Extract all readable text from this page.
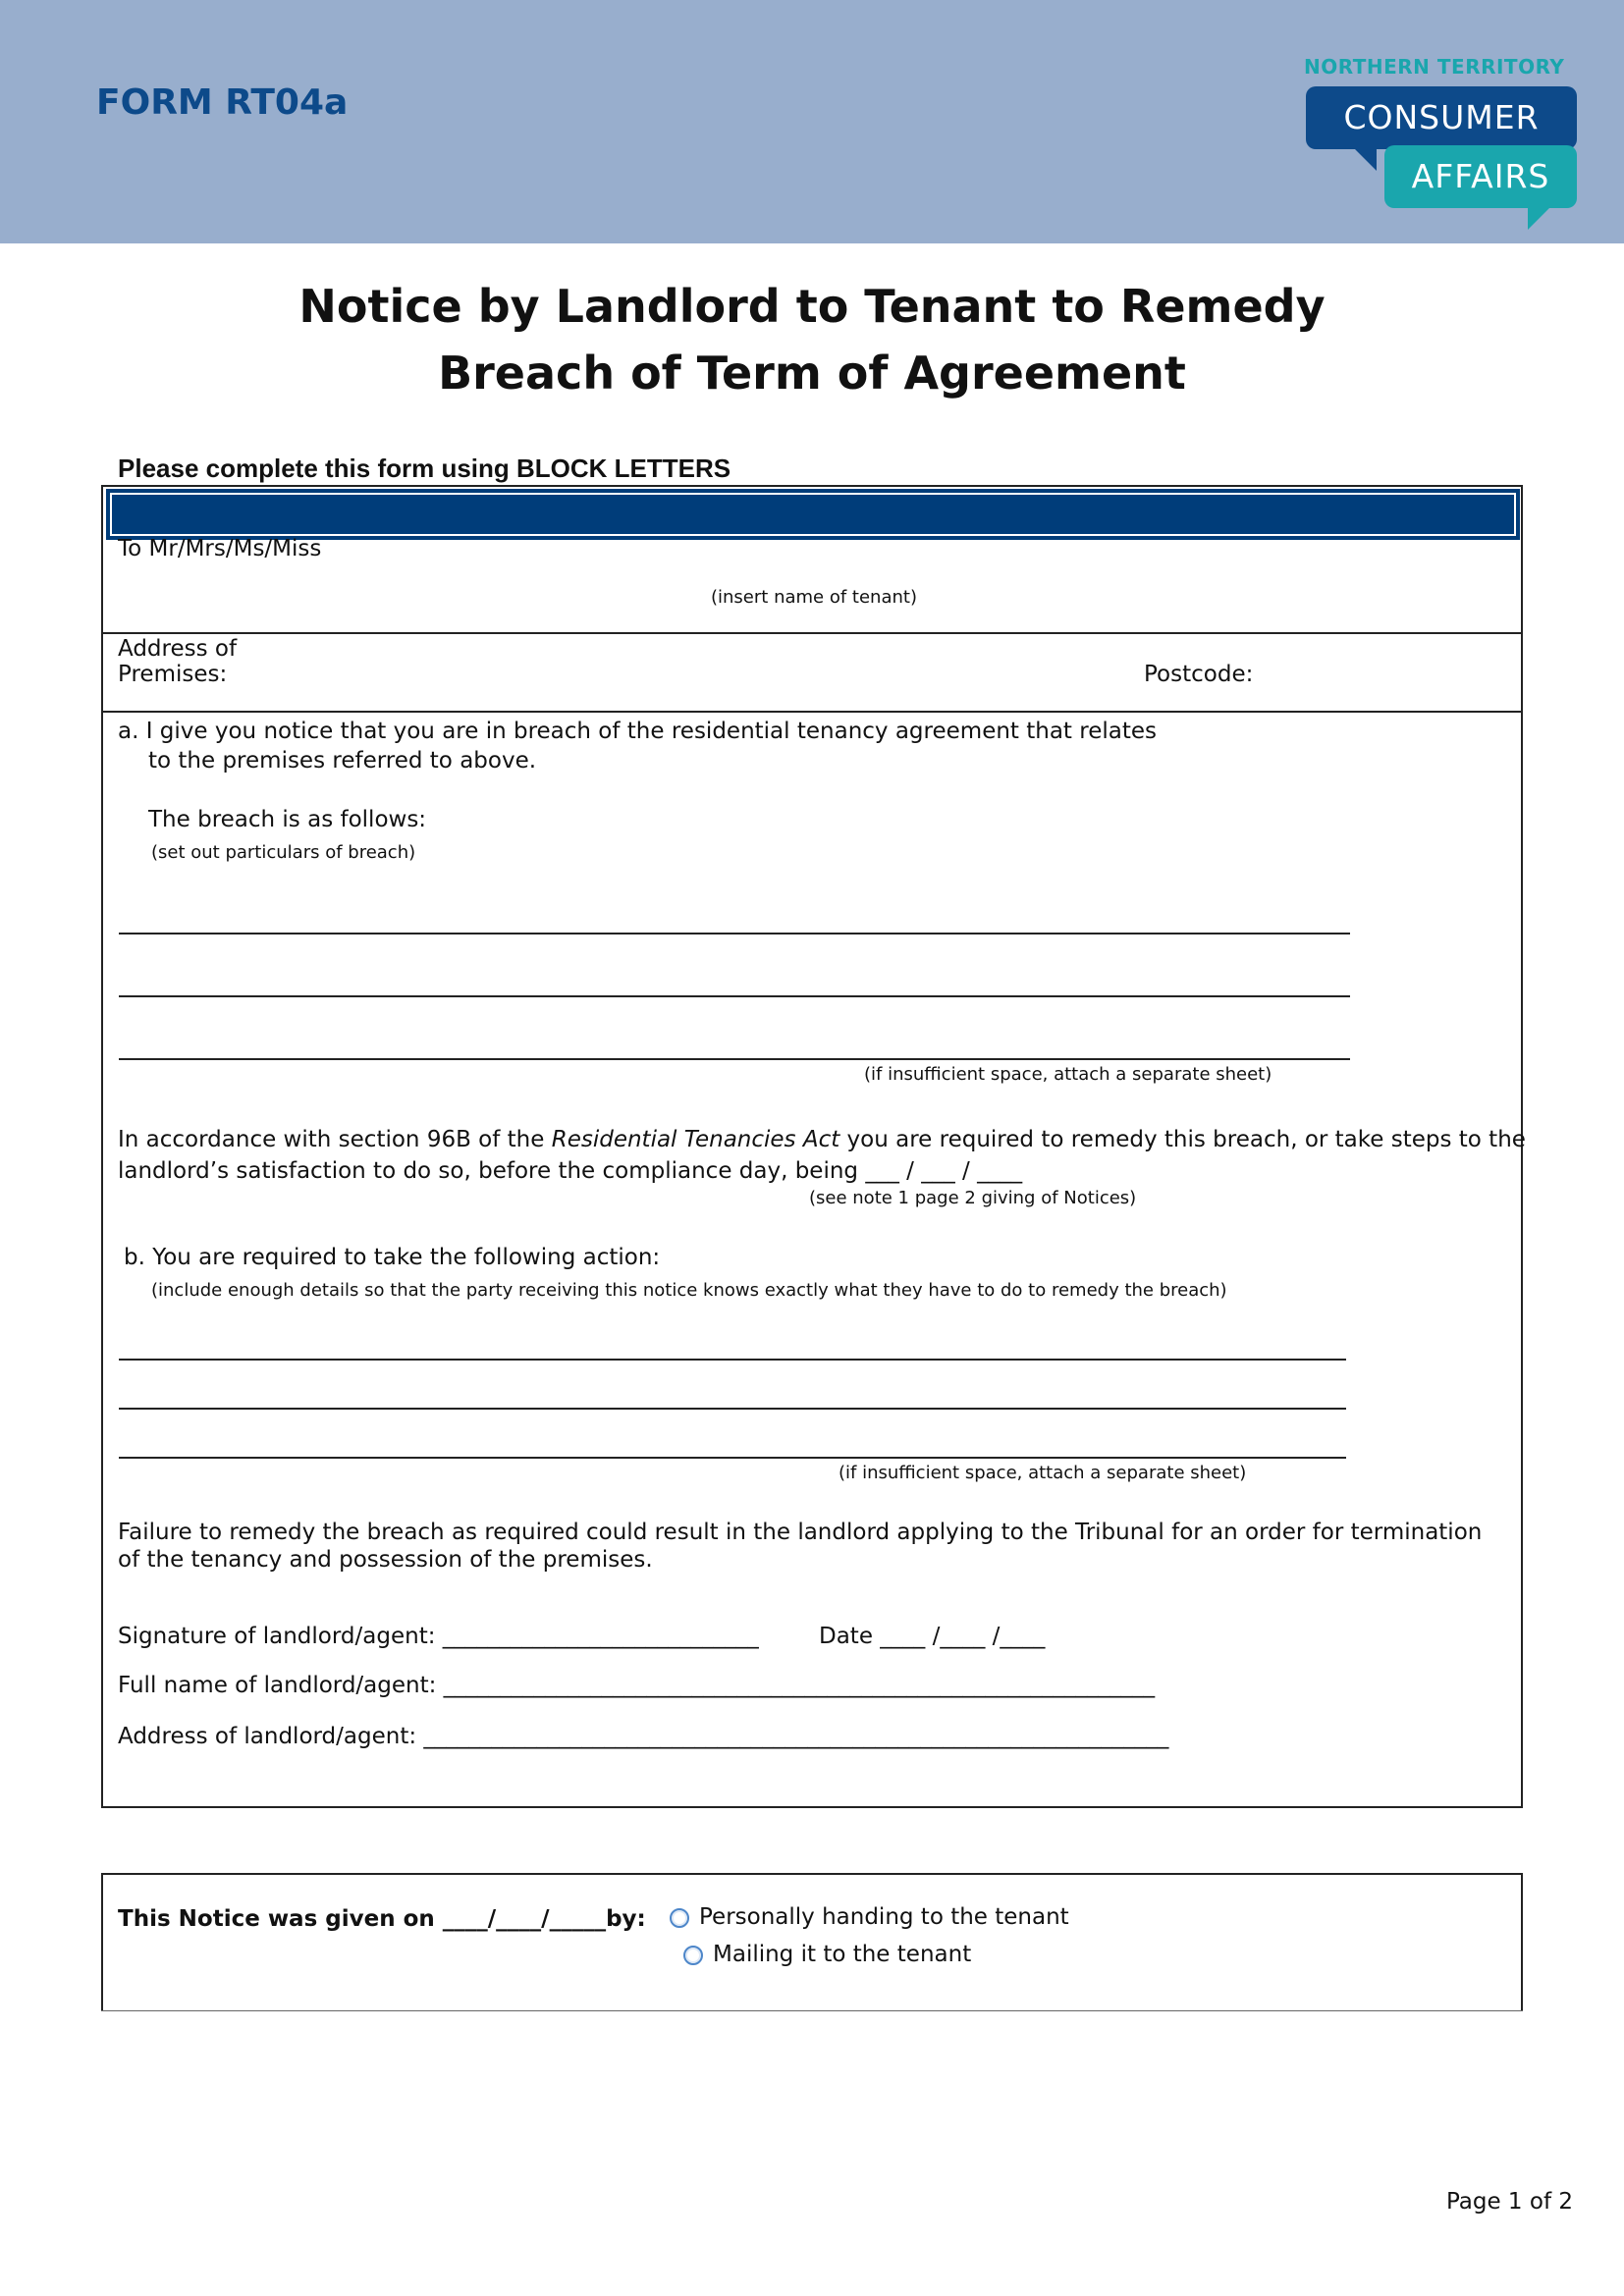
FORM RT04a
NORTHERN TERRITORY
CONSUMER
AFFAIRS
Notice by Landlord to Tenant to Remedy
Breach of Term of Agreement
Please complete this form using BLOCK LETTERS
To Mr/Mrs/Ms/Miss
(insert name of tenant)
Address of
Premises:	Postcode:
a. I give you notice that you are in breach of the residential tenancy agreement that relates
to the premises referred to above.
The breach is as follows:
(set out particulars of breach)
(if insufficient space, attach a separate sheet)
In accordance with section 96B of the Residential Tenancies Act you are required to remedy this breach, or take steps to the
landlord’s satisfaction to do so, before the compliance day, being ___ / ___ / ____
(see note 1 page 2 giving of Notices)
b. You are required to take the following action:
(include enough details so that the party receiving this notice knows exactly what they have to do to remedy the breach)
(if insufficient space, attach a separate sheet)
Failure to remedy the breach as required could result in the landlord applying to the Tribunal for an order for termination
of the tenancy and possession of the premises.
Signature of landlord/agent: ____________________________	Date ____ /____ /____
Full name of landlord/agent: _______________________________________________________________
Address of landlord/agent: __________________________________________________________________
This Notice was given on ____/____/_____by: Personally handing to the tenant
Mailing it to the tenant
Page 1 of 2
